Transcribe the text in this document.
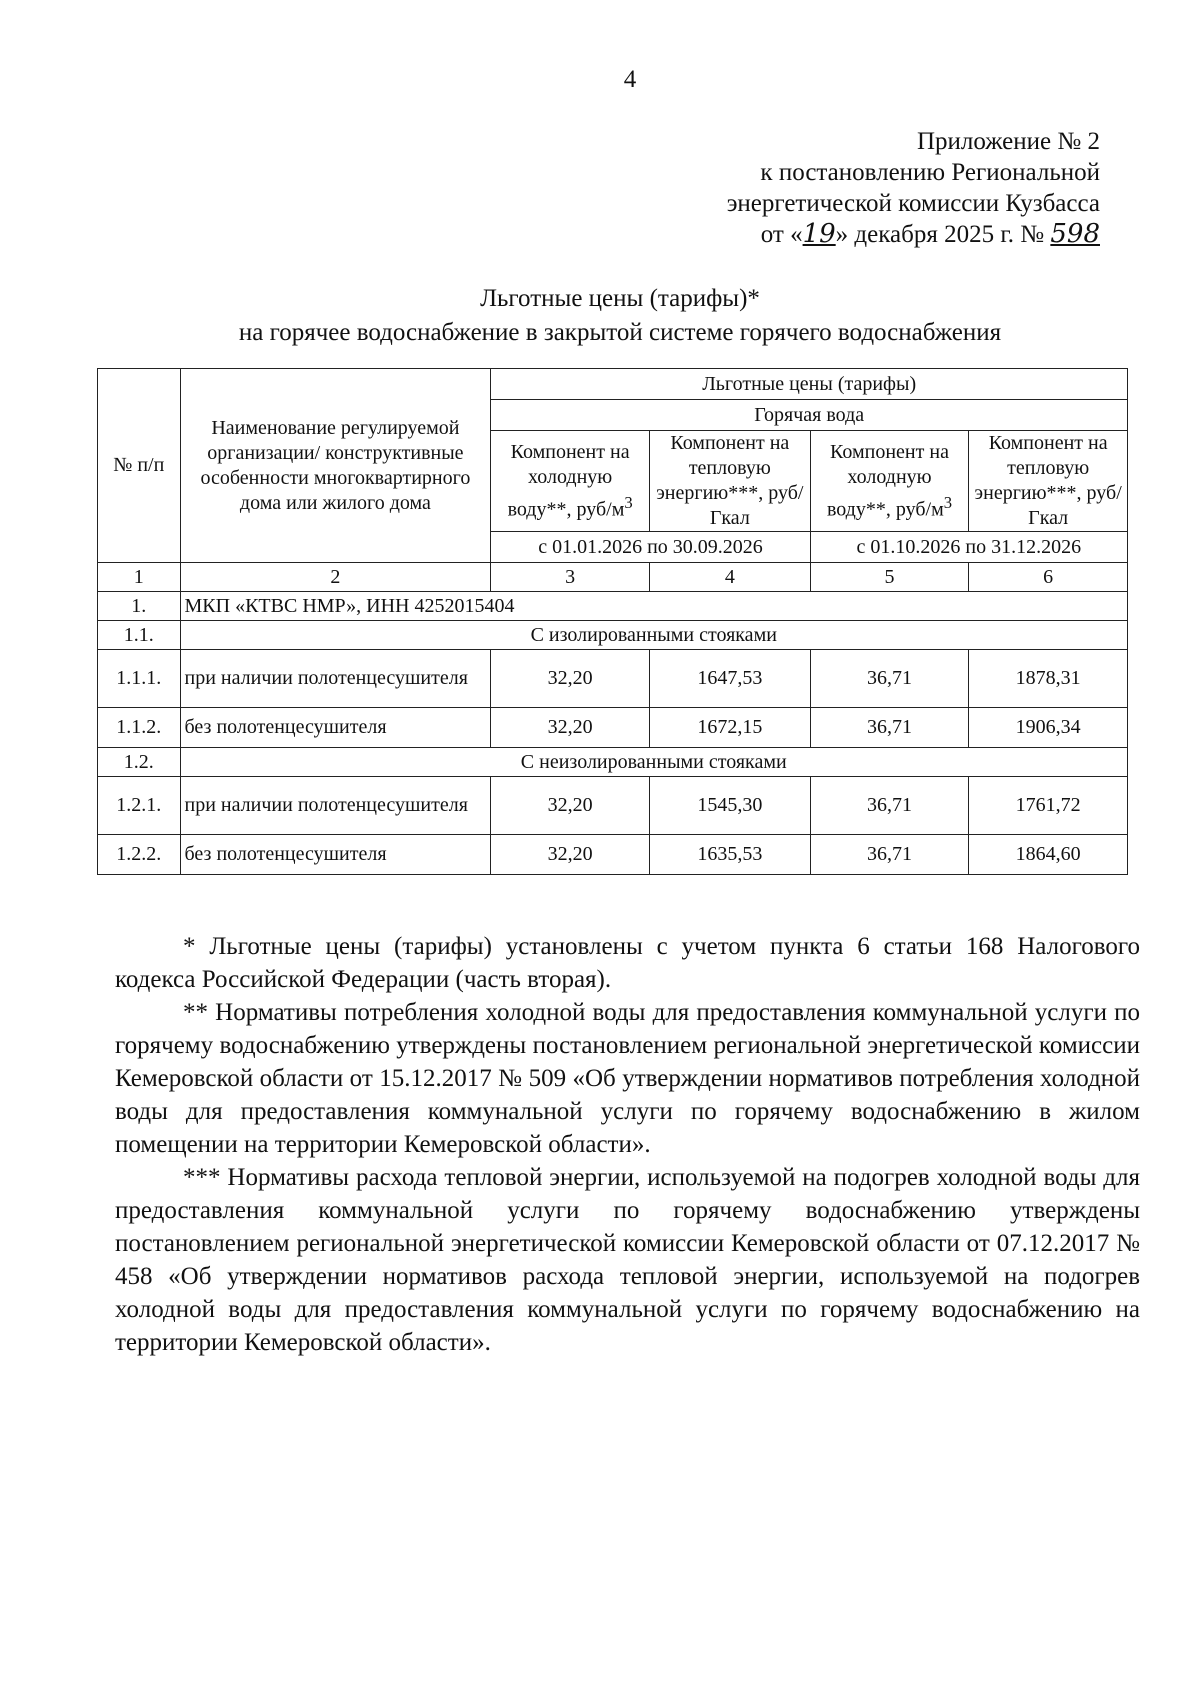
4
Приложение № 2
к постановлению Региональной
энергетической комиссии Кузбасса
от «19» декабря 2025 г. № 598
Льготные цены (тарифы)*
на горячее водоснабжение в закрытой системе горячего водоснабжения
№ п/п	Наименование регулируемой организации/ конструктивные особенности многоквартирного дома или жилого дома	Льготные цены (тарифы)			
		Горячая вода			
		Компонент на холодную воду**, руб/$м^3$	Компонент на тепловую энергию***, руб/Гкал	Компонент на холодную воду**, руб/$м^3$	Компонент на тепловую энергию***, руб/Гкал
		с 01.01.2026 по 30.09.2026		с 01.10.2026 по 31.12.2026	
1	2	3	4	5	6
1.	МКП «КТВС НМР», ИНН 4252015404				
1.1.	С изолированными стояками				
1.1.1.	при наличии полотенцесушителя	32,20	1647,53	36,71	1878,31
1.1.2.	без полотенцесушителя	32,20	1672,15	36,71	1906,34
1.2.	С неизолированными стояками				
1.2.1.	при наличии полотенцесушителя	32,20	1545,30	36,71	1761,72
1.2.2.	без полотенцесушителя	32,20	1635,53	36,71	1864,60

* Льготные цены (тарифы) установлены с учетом пункта 6 статьи 168 Налогового кодекса Российской Федерации (часть вторая).

** Нормативы потребления холодной воды для предоставления коммунальной услуги по горячему водоснабжению утверждены постановлением региональной энергетической комиссии Кемеровской области от 15.12.2017 № 509 «Об утверждении нормативов потребления холодной воды для предоставления коммунальной услуги по горячему водоснабжению в жилом помещении на территории Кемеровской области».

*** Нормативы расхода тепловой энергии, используемой на подогрев холодной воды для предоставления коммунальной услуги по горячему водоснабжению утверждены постановлением региональной энергетической комиссии Кемеровской области от 07.12.2017 № 458 «Об утверждении нормативов расхода тепловой энергии, используемой на подогрев холодной воды для предоставления коммунальной услуги по горячему водоснабжению на территории Кемеровской области».
